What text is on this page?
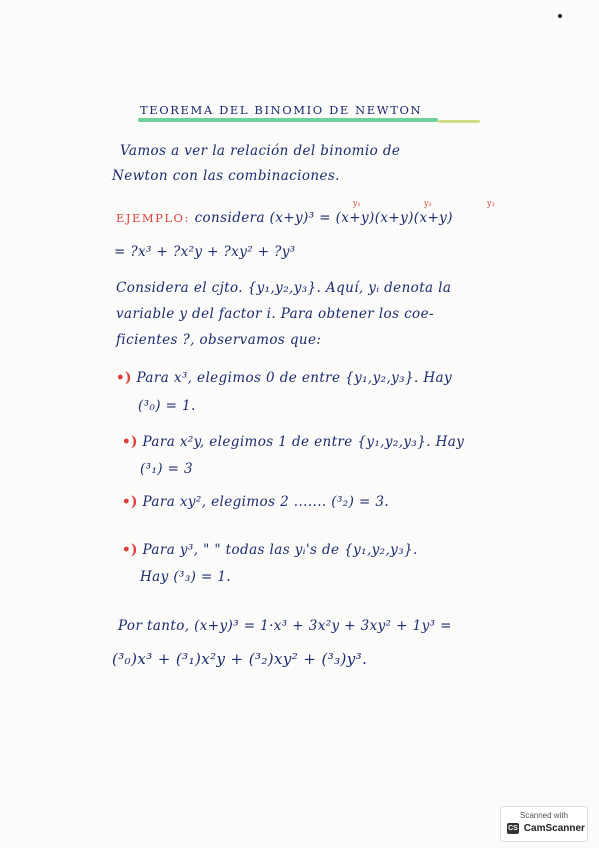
TEOREMA DEL BINOMIO DE NEWTON
Vamos a ver la relación del binomio de
Newton con las combinaciones.
EJEMPLO: considera (x+y)³ = (x+y)(x+y)(x+y)
y₁	y₂	y₃
= ?x³ + ?x²y + ?xy² + ?y³
Considera el cjto. {y₁,y₂,y₃}. Aquí, yᵢ denota la
variable y del factor i. Para obtener los coe-
ficientes ?, observamos que:
•) Para x³, elegimos 0 de entre {y₁,y₂,y₃}. Hay
(³₀) = 1.
•) Para x²y, elegimos 1 de entre {y₁,y₂,y₃}. Hay
(³₁) = 3
•) Para xy², elegimos 2 ....... (³₂) = 3.
•) Para y³, " " todas las yᵢ's de {y₁,y₂,y₃}.
Hay (³₃) = 1.
Por tanto, (x+y)³ = 1·x³ + 3x²y + 3xy² + 1y³ =
(³₀)x³ + (³₁)x²y + (³₂)xy² + (³₃)y³.
Scanned with
CS CamScanner
